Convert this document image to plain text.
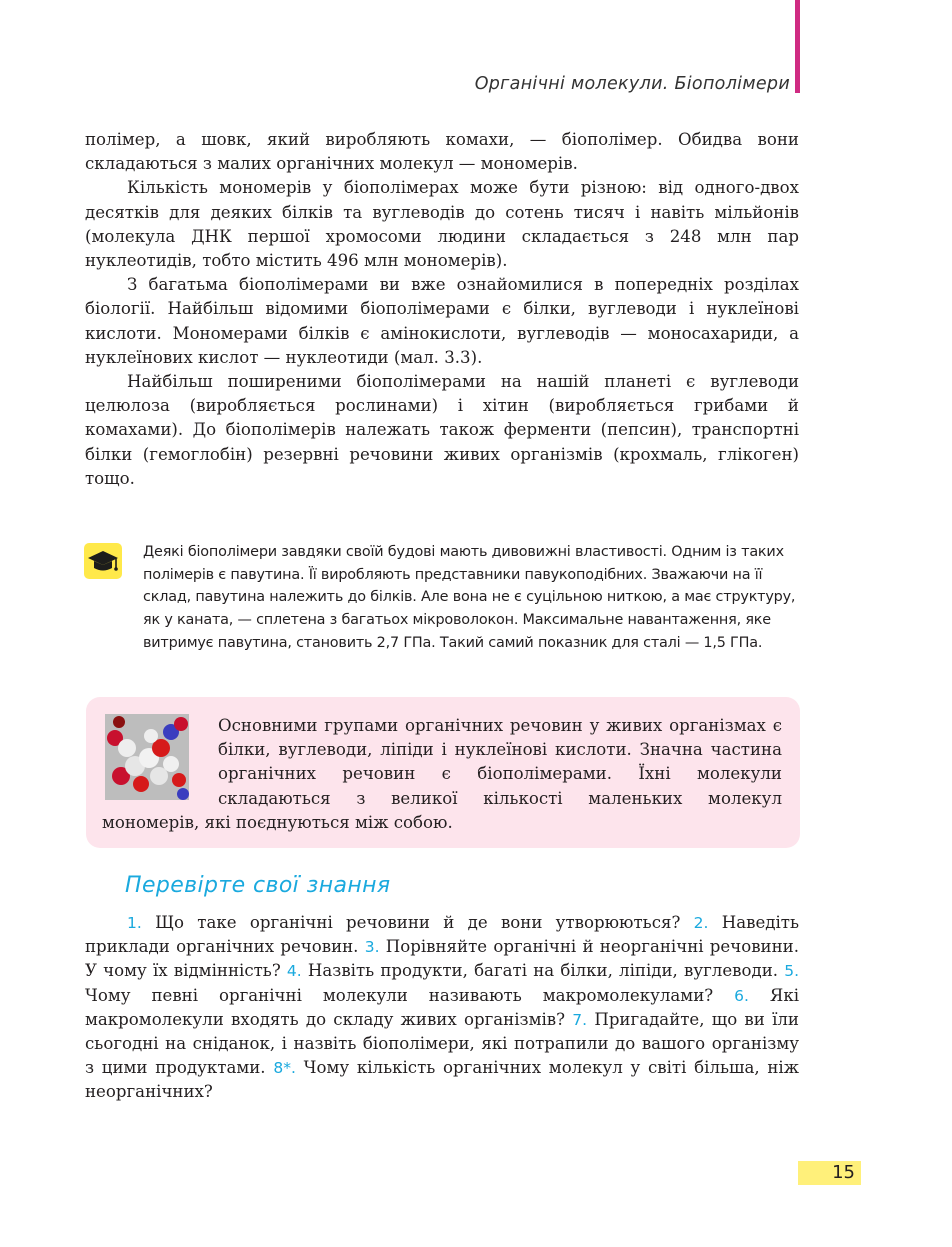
Органічні молекули. Біополімери

полімер, а шовк, який виробляють комахи, — біополімер. Обидва вони складаються з малих органічних молекул — мономерів.

Кількість мономерів у біополімерах може бути різною: від одного-двох десятків для деяких білків та вуглеводів до сотень тисяч і навіть мільйонів (молекула ДНК першої хромосоми людини складається з 248 млн пар нуклеотидів, тобто містить 496 млн мономерів).

З багатьма біополімерами ви вже ознайомилися в попередніх розділах біології. Найбільш відомими біополімерами є білки, вуглеводи і нуклеїнові кислоти. Мономерами білків є амінокислоти, вуглеводів — моносахариди, а нуклеїнових кислот — нуклеотиди (мал. 3.3).

Найбільш поширеними біополімерами на нашій планеті є вуглеводи целюлоза (виробляється рослинами) і хітин (виробляється грибами й комахами). До біополімерів належать також ферменти (пепсин), транспортні білки (гемоглобін) резервні речовини живих організмів (крохмаль, глікоген) тощо.

Деякі біополімери завдяки своїй будові мають дивовижні властивості. Одним із таких полімерів є павутина. Її виробляють представники павукоподібних. Зважаючи на її склад, павутина належить до білків. Але вона не є суцільною ниткою, а має структуру, як у каната, — сплетена з багатьох мікроволокон. Максимальне навантаження, яке витримує павутина, становить 2,7 ГПа. Такий самий показник для сталі — 1,5 ГПа.

Основними групами органічних речовин у живих організмах є білки, вуглеводи, ліпіди і нуклеїнові кислоти. Значна частина органічних речовин є біополімерами. Їхні молекули складаються з великої кількості маленьких молекул мономерів, які поєднуються між собою.

Перевірте свої знання

1. Що таке органічні речовини й де вони утворюються? 2. Наведіть приклади органічних речовин. 3. Порівняйте органічні й неорганічні речовини. У чому їх відмінність? 4. Назвіть продукти, багаті на білки, ліпіди, вуглеводи. 5. Чому певні органічні молекули називають макромолекулами? 6. Які макромолекули входять до складу живих організмів? 7. Пригадайте, що ви їли сьогодні на сніданок, і назвіть біополімери, які потрапили до вашого організму з цими продуктами. 8*. Чому кількість органічних молекул у світі більша, ніж неорганічних?

15
